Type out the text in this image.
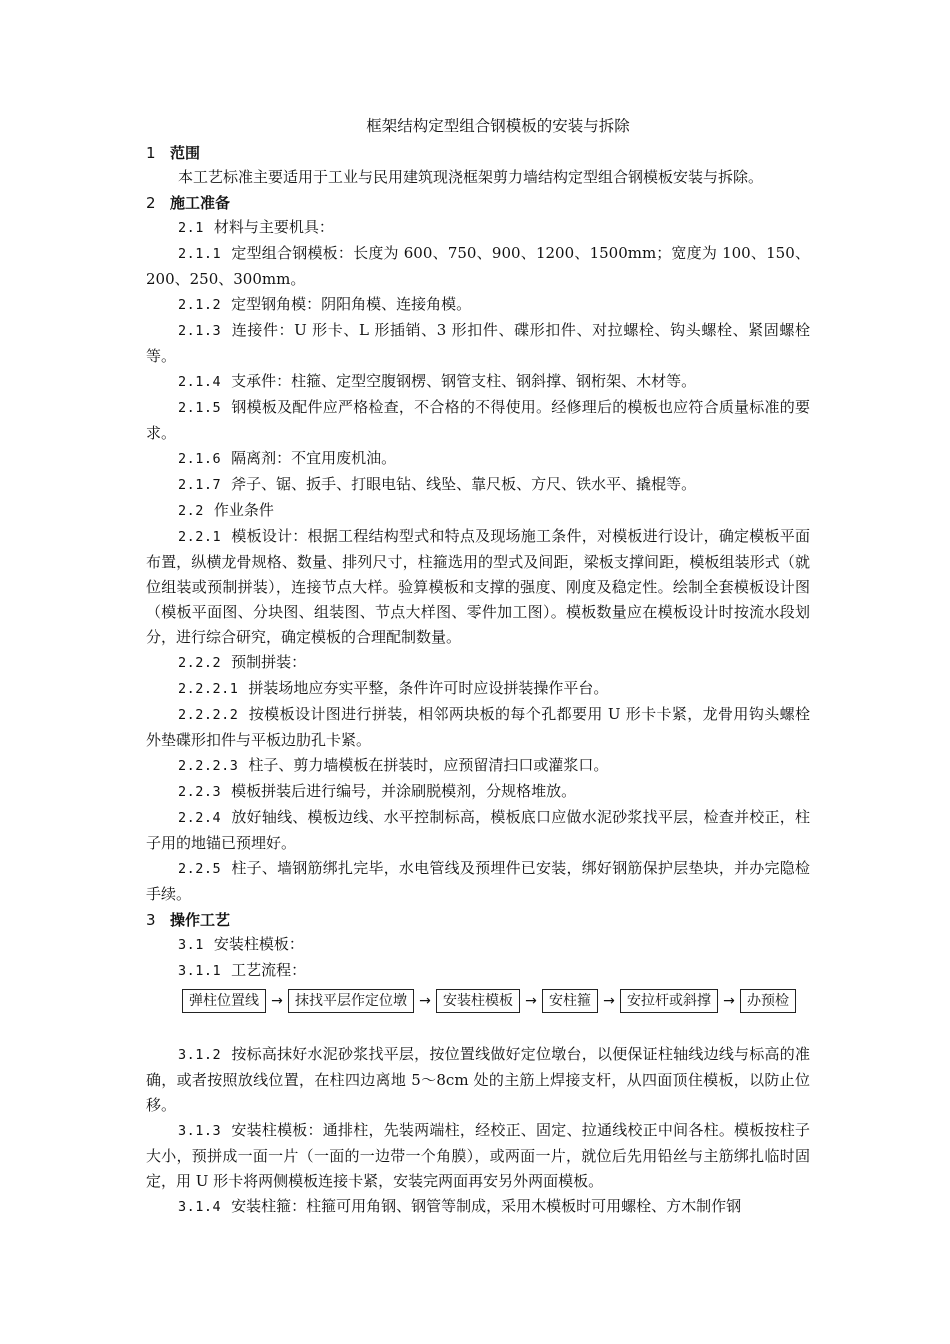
框架结构定型组合钢模板的安装与拆除
1 范围

本工艺标准主要适用于工业与民用建筑现浇框架剪力墙结构定型组合钢模板安装与拆除。

2 施工准备

2.1 材料与主要机具：

2.1.1 定型组合钢模板：长度为 600、750、900、1200、1500mm；宽度为 100、150、200、250、300mm。

2.1.2 定型钢角模：阴阳角模、连接角模。

2.1.3 连接件：U 形卡、L 形插销、3 形扣件、碟形扣件、对拉螺栓、钩头螺栓、紧固螺栓等。

2.1.4 支承件：柱箍、定型空腹钢楞、钢管支柱、钢斜撑、钢桁架、木材等。

2.1.5 钢模板及配件应严格检查，不合格的不得使用。经修理后的模板也应符合质量标准的要求。

2.1.6 隔离剂：不宜用废机油。

2.1.7 斧子、锯、扳手、打眼电钻、线坠、靠尺板、方尺、铁水平、撬棍等。

2.2 作业条件

2.2.1 模板设计：根据工程结构型式和特点及现场施工条件，对模板进行设计，确定模板平面布置，纵横龙骨规格、数量、排列尺寸，柱箍选用的型式及间距，梁板支撑间距，模板组装形式（就位组装或预制拼装），连接节点大样。验算模板和支撑的强度、刚度及稳定性。绘制全套模板设计图（模板平面图、分块图、组装图、节点大样图、零件加工图）。模板数量应在模板设计时按流水段划分，进行综合研究，确定模板的合理配制数量。

2.2.2 预制拼装：

2.2.2.1 拼装场地应夯实平整，条件许可时应设拼装操作平台。

2.2.2.2 按模板设计图进行拼装，相邻两块板的每个孔都要用 U 形卡卡紧，龙骨用钩头螺栓外垫碟形扣件与平板边肋孔卡紧。

2.2.2.3 柱子、剪力墙模板在拼装时，应预留清扫口或灌浆口。

2.2.3 模板拼装后进行编号，并涂刷脱模剂，分规格堆放。

2.2.4 放好轴线、模板边线、水平控制标高，模板底口应做水泥砂浆找平层，检查并校正，柱子用的地锚已预埋好。

2.2.5 柱子、墙钢筋绑扎完毕，水电管线及预埋件已安装，绑好钢筋保护层垫块，并办完隐检手续。

3 操作工艺

3.1 安装柱模板：

3.1.1 工艺流程：

弹柱位置线 → 抹找平层作定位墩 → 安装柱模板 → 安柱箍 → 安拉杆或斜撑 → 办预检

3.1.2 按标高抹好水泥砂浆找平层，按位置线做好定位墩台，以便保证柱轴线边线与标高的准确，或者按照放线位置，在柱四边离地 5～8cm 处的主筋上焊接支杆，从四面顶住模板，以防止位移。

3.1.3 安装柱模板：通排柱，先装两端柱，经校正、固定、拉通线校正中间各柱。模板按柱子大小，预拼成一面一片（一面的一边带一个角膜），或两面一片，就位后先用铅丝与主筋绑扎临时固定，用 U 形卡将两侧模板连接卡紧，安装完两面再安另外两面模板。

3.1.4 安装柱箍：柱箍可用角钢、钢管等制成，采用木模板时可用螺栓、方木制作钢
